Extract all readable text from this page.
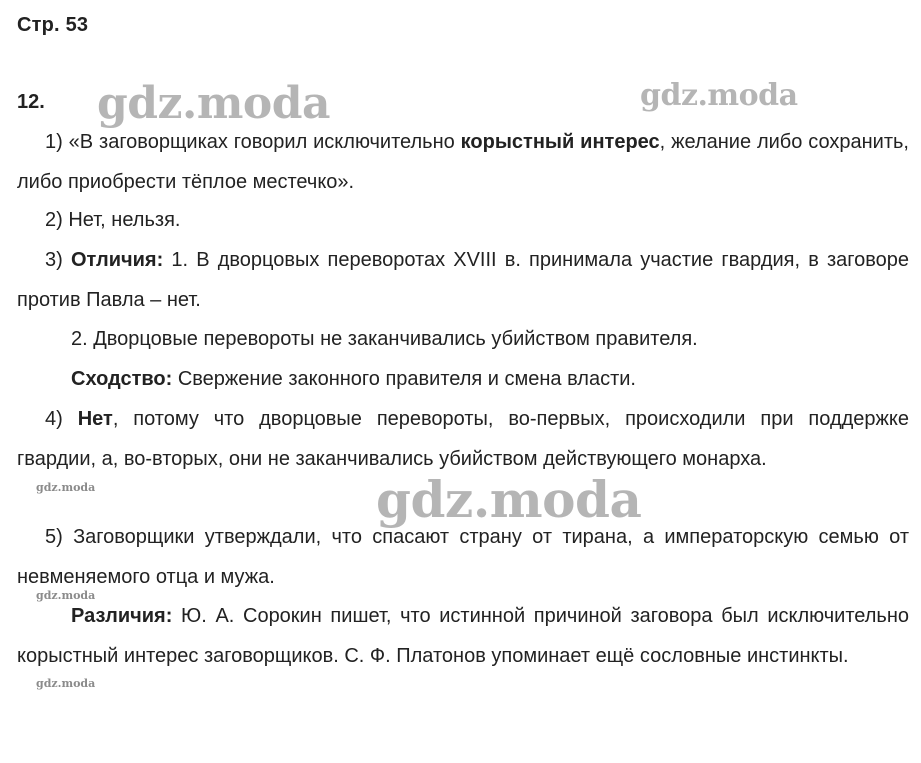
Стр. 53
12.
1) «В заговорщиках говорил исключительно корыстный интерес, желание либо сохранить, либо приобрести тёплое местечко».
2) Нет, нельзя.
3) Отличия: 1. В дворцовых переворотах XVIII в. принимала участие гвардия, в заговоре против Павла – нет.
2. Дворцовые перевороты не заканчивались убийством правителя.
Сходство: Свержение законного правителя и смена власти.
4) Нет, потому что дворцовые перевороты, во-первых, происходили при поддержке гвардии, а, во-вторых, они не заканчивались убийством действующего монарха.
5) Заговорщики утверждали, что спасают страну от тирана, а императорскую семью от невменяемого отца и мужа.
Различия: Ю. А. Сорокин пишет, что истинной причиной заговора был исключительно корыстный интерес заговорщиков. С. Ф. Платонов упоминает ещё сословные инстинкты.
gdz.moda	gdz.moda
gdz.moda
gdz.moda
gdz.moda
gdz.moda
